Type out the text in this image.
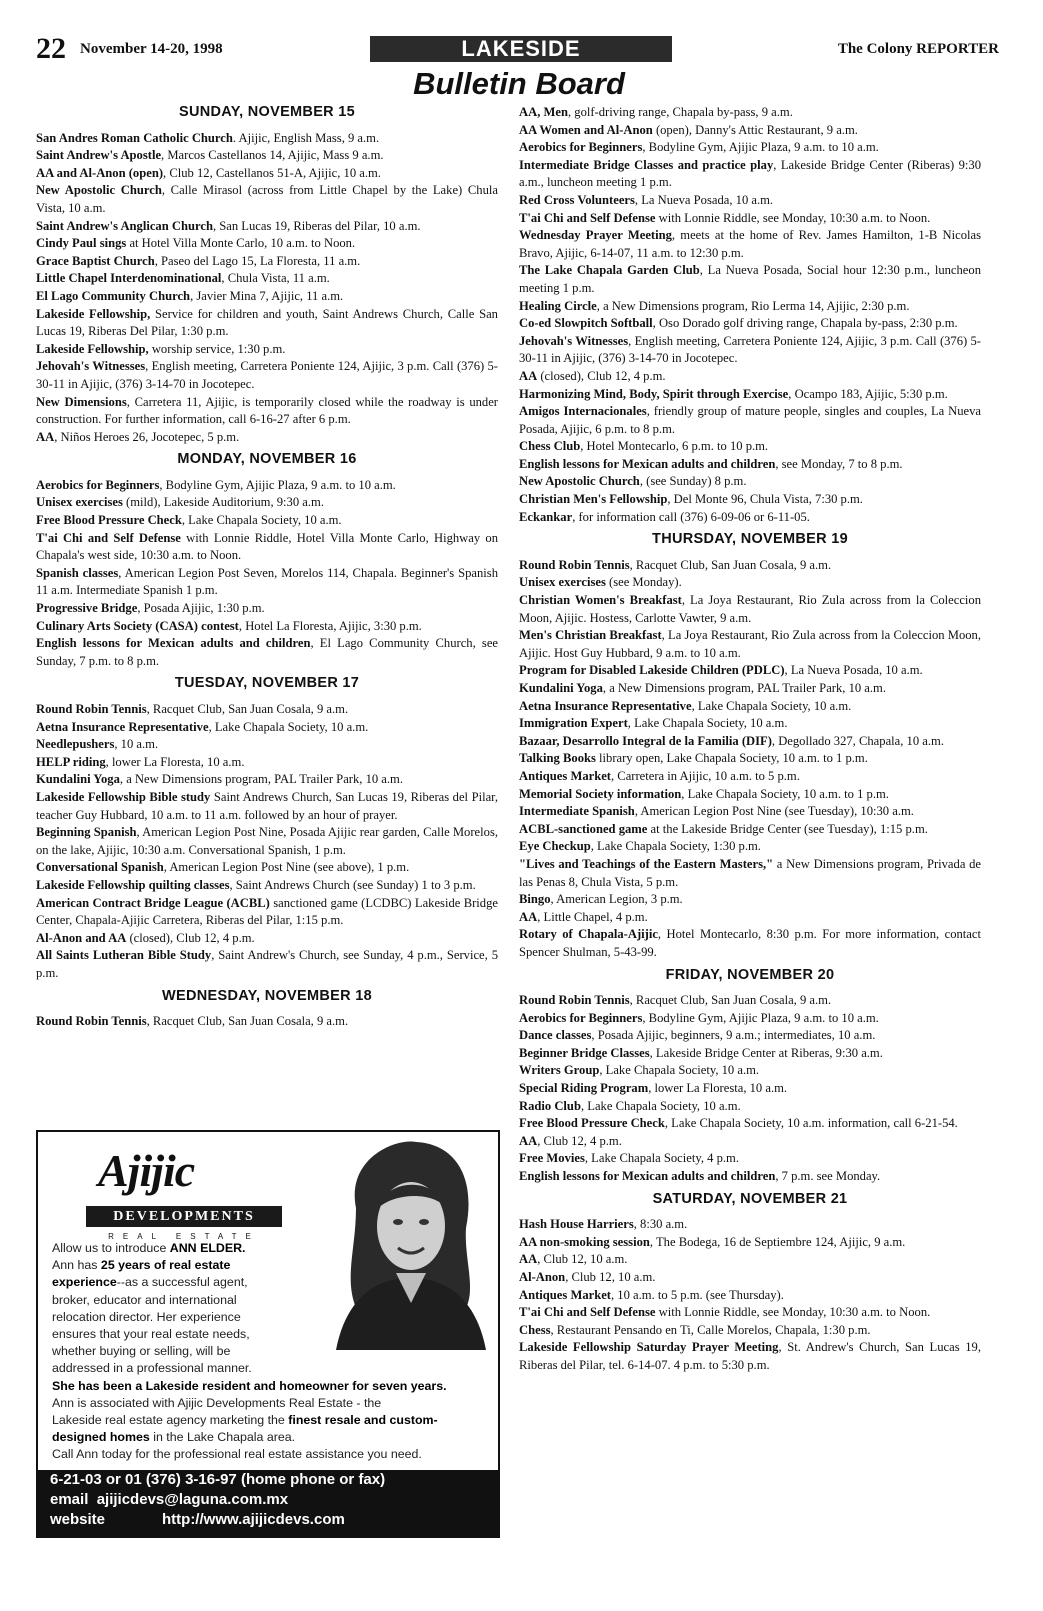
22 November 14-20, 1998	LAKESIDE	The Colony REPORTER
Bulletin Board
SUNDAY, NOVEMBER 15
San Andres Roman Catholic Church. Ajijic, English Mass, 9 a.m.
Saint Andrew's Apostle, Marcos Castellanos 14, Ajijic, Mass 9 a.m.
AA and Al-Anon (open), Club 12, Castellanos 51-A, Ajijic, 10 a.m.
New Apostolic Church, Calle Mirasol (across from Little Chapel by the Lake) Chula Vista, 10 a.m.
Saint Andrew's Anglican Church, San Lucas 19, Riberas del Pilar, 10 a.m.
Cindy Paul sings at Hotel Villa Monte Carlo, 10 a.m. to Noon.
Grace Baptist Church, Paseo del Lago 15, La Floresta, 11 a.m.
Little Chapel Interdenominational, Chula Vista, 11 a.m.
El Lago Community Church, Javier Mina 7, Ajijic, 11 a.m.
Lakeside Fellowship, Service for children and youth, Saint Andrews Church, Calle San Lucas 19, Riberas Del Pilar, 1:30 p.m.
Lakeside Fellowship, worship service, 1:30 p.m.
Jehovah's Witnesses, English meeting, Carretera Poniente 124, Ajijic, 3 p.m. Call (376) 5-30-11 in Ajijic, (376) 3-14-70 in Jocotepec.
New Dimensions, Carretera 11, Ajijic, is temporarily closed while the roadway is under construction. For further information, call 6-16-27 after 6 p.m.
AA, Niños Heroes 26, Jocotepec, 5 p.m.
MONDAY, NOVEMBER 16
Aerobics for Beginners, Bodyline Gym, Ajijic Plaza, 9 a.m. to 10 a.m.
Unisex exercises (mild), Lakeside Auditorium, 9:30 a.m.
Free Blood Pressure Check, Lake Chapala Society, 10 a.m.
T'ai Chi and Self Defense with Lonnie Riddle, Hotel Villa Monte Carlo, Highway on Chapala's west side, 10:30 a.m. to Noon.
Spanish classes, American Legion Post Seven, Morelos 114, Chapala. Beginner's Spanish 11 a.m. Intermediate Spanish 1 p.m.
Progressive Bridge, Posada Ajijic, 1:30 p.m.
Culinary Arts Society (CASA) contest, Hotel La Floresta, Ajijic, 3:30 p.m.
English lessons for Mexican adults and children, El Lago Community Church, see Sunday, 7 p.m. to 8 p.m.
TUESDAY, NOVEMBER 17
Round Robin Tennis, Racquet Club, San Juan Cosala, 9 a.m.
Aetna Insurance Representative, Lake Chapala Society, 10 a.m.
Needlepushers, 10 a.m.
HELP riding, lower La Floresta, 10 a.m.
Kundalini Yoga, a New Dimensions program, PAL Trailer Park, 10 a.m.
Lakeside Fellowship Bible study Saint Andrews Church, San Lucas 19, Riberas del Pilar, teacher Guy Hubbard, 10 a.m. to 11 a.m. followed by an hour of prayer.
Beginning Spanish, American Legion Post Nine, Posada Ajijic rear garden, Calle Morelos, on the lake, Ajijic, 10:30 a.m. Conversational Spanish, 1 p.m.
Conversational Spanish, American Legion Post Nine (see above), 1 p.m.
Lakeside Fellowship quilting classes, Saint Andrews Church (see Sunday) 1 to 3 p.m.
American Contract Bridge League (ACBL) sanctioned game (LCDBC) Lakeside Bridge Center, Chapala-Ajijic Carretera, Riberas del Pilar, 1:15 p.m.
Al-Anon and AA (closed), Club 12, 4 p.m.
All Saints Lutheran Bible Study, Saint Andrew's Church, see Sunday, 4 p.m., Service, 5 p.m.
WEDNESDAY, NOVEMBER 18
Round Robin Tennis, Racquet Club, San Juan Cosala, 9 a.m.
AA, Men, golf-driving range, Chapala by-pass, 9 a.m.
AA Women and Al-Anon (open), Danny's Attic Restaurant, 9 a.m.
Aerobics for Beginners, Bodyline Gym, Ajijic Plaza, 9 a.m. to 10 a.m.
Intermediate Bridge Classes and practice play, Lakeside Bridge Center (Riberas) 9:30 a.m., luncheon meeting 1 p.m.
Red Cross Volunteers, La Nueva Posada, 10 a.m.
T'ai Chi and Self Defense with Lonnie Riddle, see Monday, 10:30 a.m. to Noon.
Wednesday Prayer Meeting, meets at the home of Rev. James Hamilton, 1-B Nicolas Bravo, Ajijic, 6-14-07, 11 a.m. to 12:30 p.m.
The Lake Chapala Garden Club, La Nueva Posada, Social hour 12:30 p.m., luncheon meeting 1 p.m.
Healing Circle, a New Dimensions program, Rio Lerma 14, Ajijic, 2:30 p.m.
Co-ed Slowpitch Softball, Oso Dorado golf driving range, Chapala by-pass, 2:30 p.m.
Jehovah's Witnesses, English meeting, Carretera Poniente 124, Ajijic, 3 p.m. Call (376) 5-30-11 in Ajijic, (376) 3-14-70 in Jocotepec.
AA (closed), Club 12, 4 p.m.
Harmonizing Mind, Body, Spirit through Exercise, Ocampo 183, Ajijic, 5:30 p.m.
Amigos Internacionales, friendly group of mature people, singles and couples, La Nueva Posada, Ajijic, 6 p.m. to 8 p.m.
Chess Club, Hotel Montecarlo, 6 p.m. to 10 p.m.
English lessons for Mexican adults and children, see Monday, 7 to 8 p.m.
New Apostolic Church, (see Sunday) 8 p.m.
Christian Men's Fellowship, Del Monte 96, Chula Vista, 7:30 p.m.
Eckankar, for information call (376) 6-09-06 or 6-11-05.
THURSDAY, NOVEMBER 19
Round Robin Tennis, Racquet Club, San Juan Cosala, 9 a.m.
Unisex exercises (see Monday).
Christian Women's Breakfast, La Joya Restaurant, Rio Zula across from la Coleccion Moon, Ajijic. Hostess, Carlotte Vawter, 9 a.m.
Men's Christian Breakfast, La Joya Restaurant, Rio Zula across from la Coleccion Moon, Ajijic. Host Guy Hubbard, 9 a.m. to 10 a.m.
Program for Disabled Lakeside Children (PDLC), La Nueva Posada, 10 a.m.
Kundalini Yoga, a New Dimensions program, PAL Trailer Park, 10 a.m.
Aetna Insurance Representative, Lake Chapala Society, 10 a.m.
Immigration Expert, Lake Chapala Society, 10 a.m.
Bazaar, Desarrollo Integral de la Familia (DIF), Degollado 327, Chapala, 10 a.m.
Talking Books library open, Lake Chapala Society, 10 a.m. to 1 p.m.
Antiques Market, Carretera in Ajijic, 10 a.m. to 5 p.m.
Memorial Society information, Lake Chapala Society, 10 a.m. to 1 p.m.
Intermediate Spanish, American Legion Post Nine (see Tuesday), 10:30 a.m.
ACBL-sanctioned game at the Lakeside Bridge Center (see Tuesday), 1:15 p.m.
Eye Checkup, Lake Chapala Society, 1:30 p.m.
"Lives and Teachings of the Eastern Masters," a New Dimensions program, Privada de las Penas 8, Chula Vista, 5 p.m.
Bingo, American Legion, 3 p.m.
AA, Little Chapel, 4 p.m.
Rotary of Chapala-Ajijic, Hotel Montecarlo, 8:30 p.m. For more information, contact Spencer Shulman, 5-43-99.
FRIDAY, NOVEMBER 20
Round Robin Tennis, Racquet Club, San Juan Cosala, 9 a.m.
Aerobics for Beginners, Bodyline Gym, Ajijic Plaza, 9 a.m. to 10 a.m.
Dance classes, Posada Ajijic, beginners, 9 a.m.; intermediates, 10 a.m.
Beginner Bridge Classes, Lakeside Bridge Center at Riberas, 9:30 a.m.
Writers Group, Lake Chapala Society, 10 a.m.
Special Riding Program, lower La Floresta, 10 a.m.
Radio Club, Lake Chapala Society, 10 a.m.
Free Blood Pressure Check, Lake Chapala Society, 10 a.m. information, call 6-21-54.
AA, Club 12, 4 p.m.
Free Movies, Lake Chapala Society, 4 p.m.
English lessons for Mexican adults and children, 7 p.m. see Monday.
SATURDAY, NOVEMBER 21
Hash House Harriers, 8:30 a.m.
AA non-smoking session, The Bodega, 16 de Septiembre 124, Ajijic, 9 a.m.
AA, Club 12, 10 a.m.
Al-Anon, Club 12, 10 a.m.
Antiques Market, 10 a.m. to 5 p.m. (see Thursday).
T'ai Chi and Self Defense with Lonnie Riddle, see Monday, 10:30 a.m. to Noon.
Chess, Restaurant Pensando en Ti, Calle Morelos, Chapala, 1:30 p.m.
Lakeside Fellowship Saturday Prayer Meeting, St. Andrew's Church, San Lucas 19, Riberas del Pilar, tel. 6-14-07. 4 p.m. to 5:30 p.m.
Ajijic
DEVELOPMENTS
REAL ESTATE
Allow us to introduce ANN ELDER.
Ann has 25 years of real estate
experience--as a successful agent,
broker, educator and international
relocation director. Her experience
ensures that your real estate needs,
whether buying or selling, will be
addressed in a professional manner.
She has been a Lakeside resident and homeowner for seven years.
Ann is associated with Ajijic Developments Real Estate - the
Lakeside real estate agency marketing the finest resale and custom-
designed homes in the Lake Chapala area.
Call Ann today for the professional real estate assistance you need.
6-21-03 or 01 (376) 3-16-97 (home phone or fax)
email ajijicdevs@laguna.com.mx
website	http://www.ajijicdevs.com
